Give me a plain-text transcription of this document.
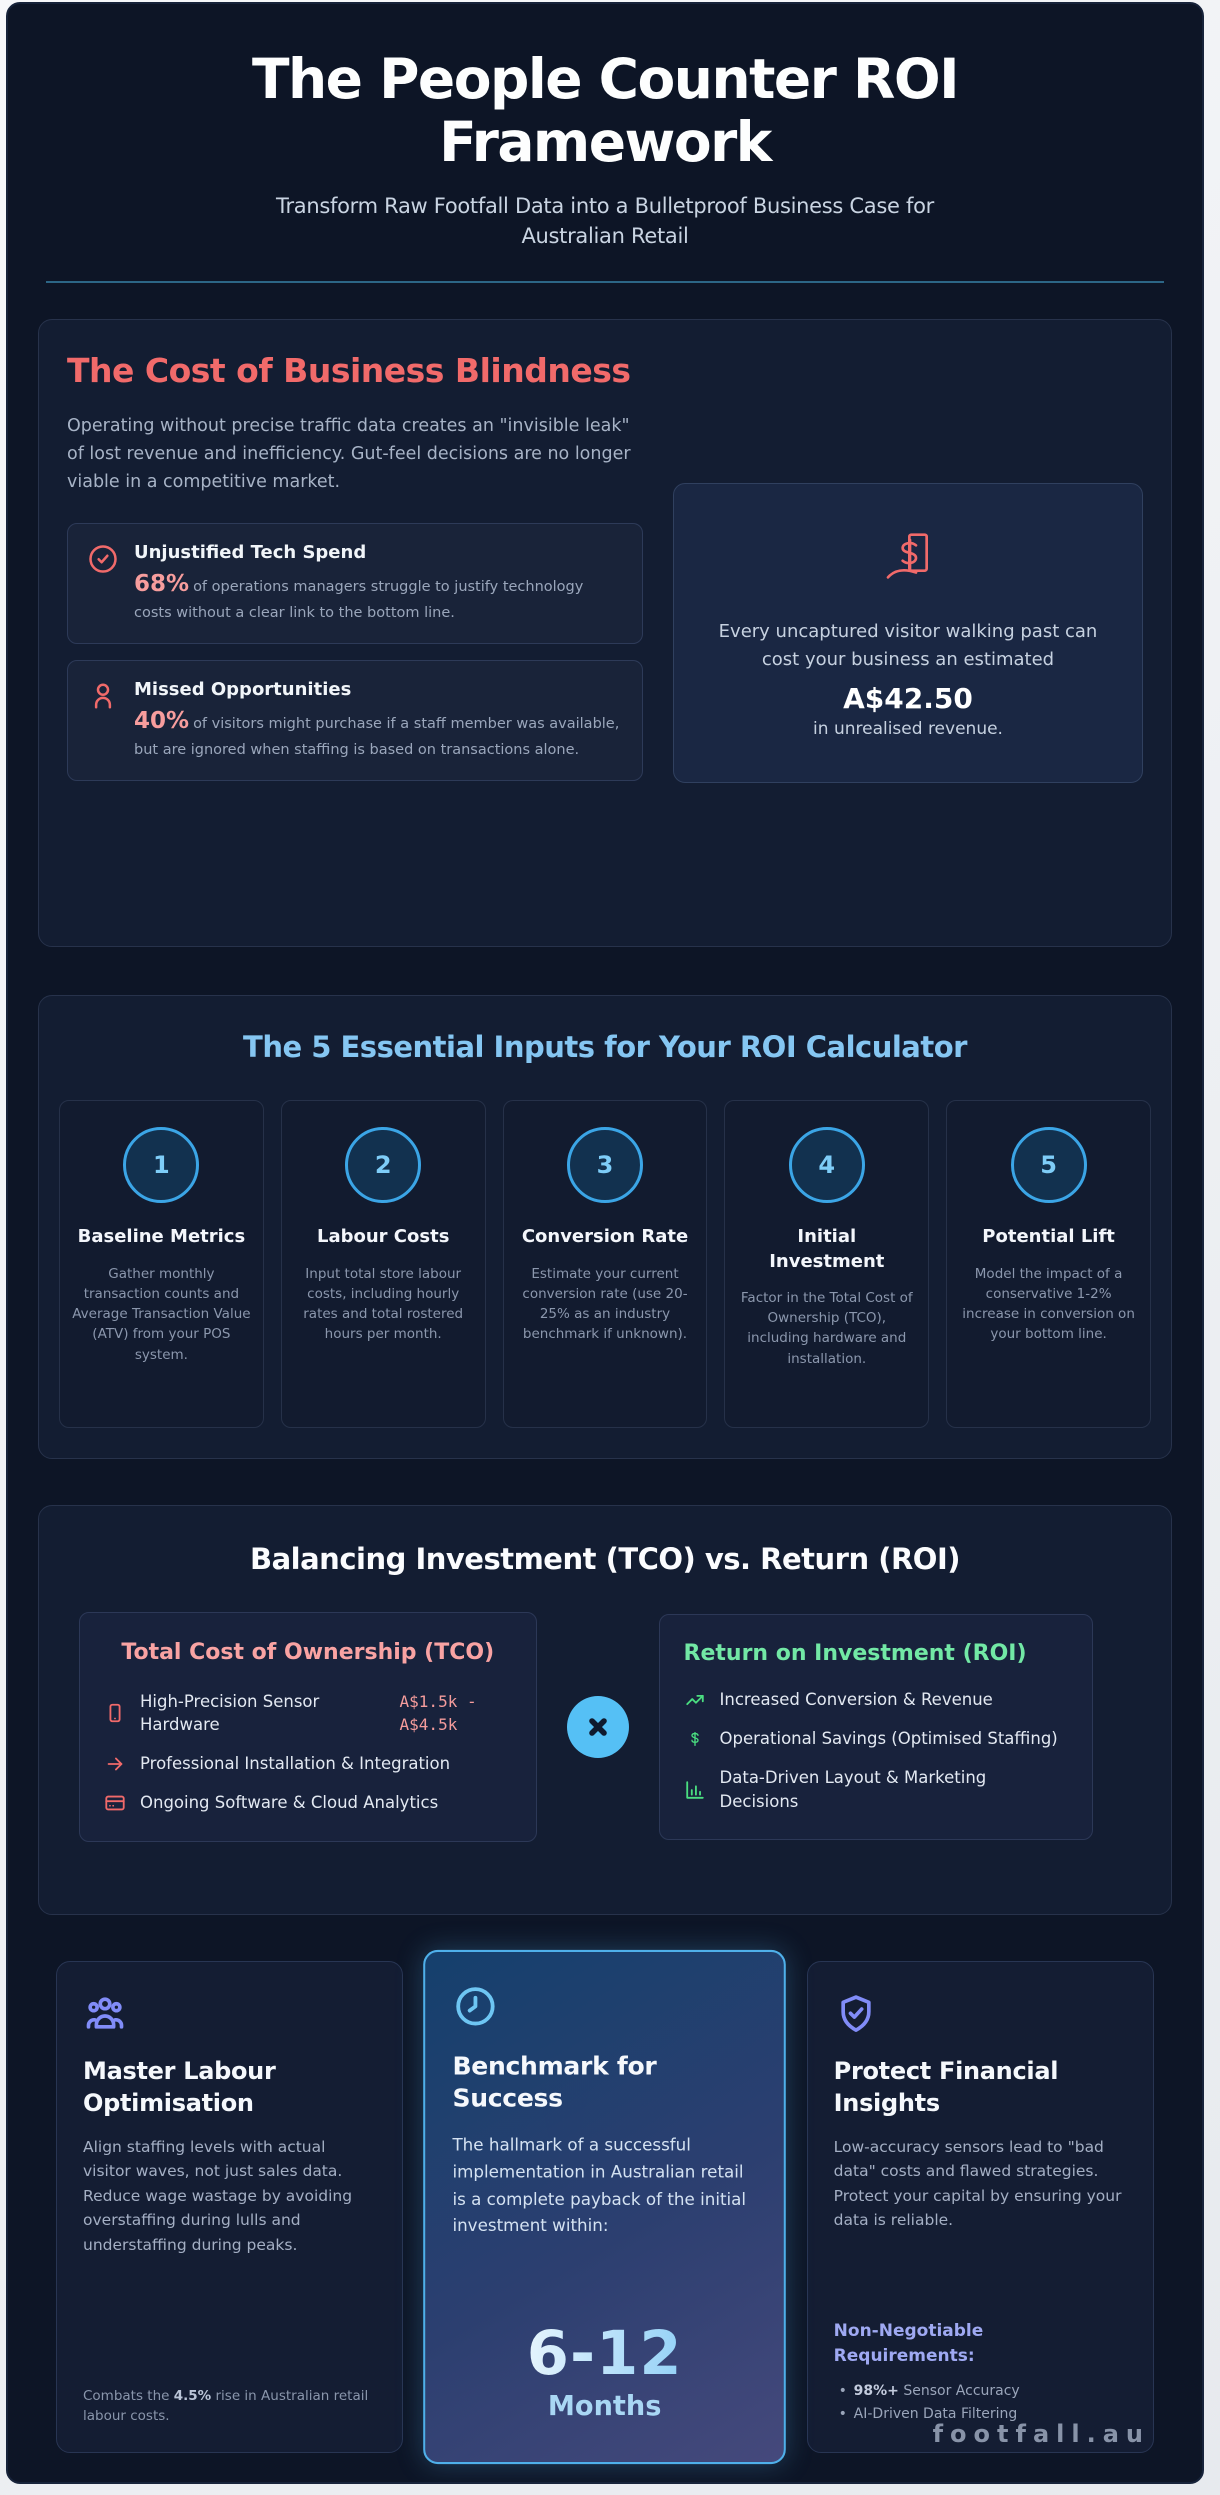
The People Counter ROI Framework

Transform Raw Footfall Data into a Bulletproof Business Case for Australian Retail

The Cost of Business Blindness

Operating without precise traffic data creates an "invisible leak" of lost revenue and inefficiency. Gut-feel decisions are no longer viable in a competitive market.

Unjustified Tech Spend
68% of operations managers struggle to justify technology costs without a clear link to the bottom line.
Missed Opportunities
40% of visitors might purchase if a staff member was available, but are ignored when staffing is based on transactions alone.
Every uncaptured visitor walking past can cost your business an estimated
A$42.50
in unrealised revenue.
The 5 Essential Inputs for Your ROI Calculator
1
Baseline Metrics
Gather monthly transaction counts and Average Transaction Value (ATV) from your POS system.
2
Labour Costs
Input total store labour costs, including hourly rates and total rostered hours per month.
3
Conversion Rate
Estimate your current conversion rate (use 20-25% as an industry benchmark if unknown).
4
Initial Investment
Factor in the Total Cost of Ownership (TCO), including hardware and installation.
5
Potential Lift
Model the impact of a conservative 1-2% increase in conversion on your bottom line.
Balancing Investment (TCO) vs. Return (ROI)
Total Cost of Ownership (TCO)
High-Precision Sensor Hardware
A$1.5k - A$4.5k
Professional Installation & Integration
Ongoing Software & Cloud Analytics
Return on Investment (ROI)
Increased Conversion & Revenue
Operational Savings (Optimised Staffing)
Data-Driven Layout & Marketing Decisions
Master Labour Optimisation
Align staffing levels with actual visitor waves, not just sales data. Reduce wage wastage by avoiding overstaffing during lulls and understaffing during peaks.
Combats the 4.5% rise in Australian retail labour costs.
Benchmark for Success
The hallmark of a successful implementation in Australian retail is a complete payback of the initial investment within:
6-12
Months
Protect Financial Insights
Low-accuracy sensors lead to "bad data" costs and flawed strategies. Protect your capital by ensuring your data is reliable.
Non-Negotiable Requirements:
• 98%+ Sensor Accuracy
• AI-Driven Data Filtering
footfall.au
